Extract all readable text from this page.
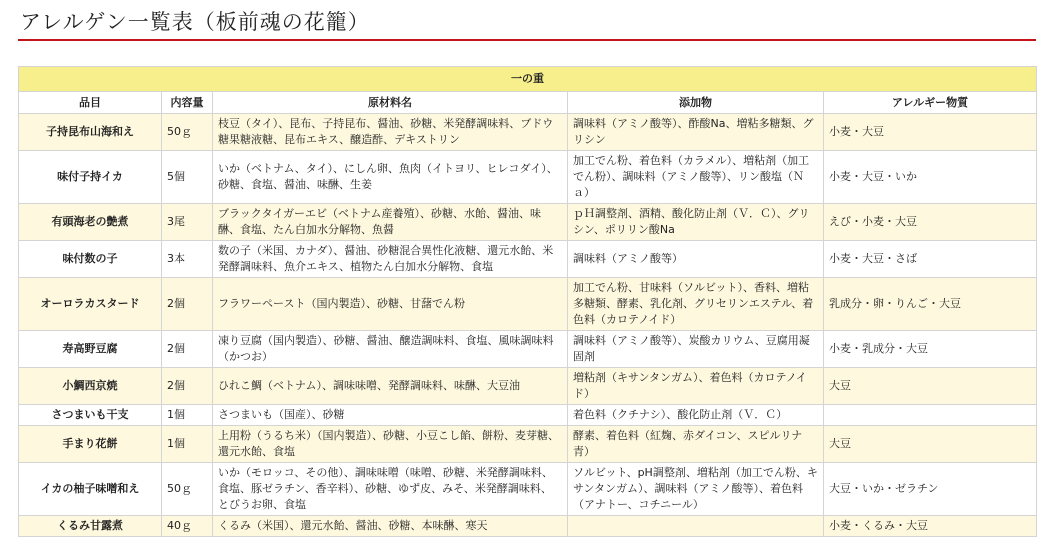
アレルゲン一覧表（板前魂の花籠）
一の重				
品目	内容量	原材料名	添加物	アレルギー物質
子持昆布山海和え	50ｇ	枝豆（タイ）、昆布、子持昆布、醤油、砂糖、米発酵調味料、ブドウ糖果糖液糖、昆布エキス、醸造酢、デキストリン	調味料（アミノ酸等）、酢酸Na、増粘多糖類、グリシン	小麦・大豆
味付子持イカ	5個	いか（ベトナム、タイ）、にしん卵、魚肉（イトヨリ、ヒレコダイ）、砂糖、食塩、醤油、味醂、生姜	加工でん粉、着色料（カラメル）、増粘剤（加工でん粉）、調味料（アミノ酸等）、リン酸塩（Ｎａ）	小麦・大豆・いか
有頭海老の艶煮	3尾	ブラックタイガーエビ（ベトナム産養殖）、砂糖、水飴、醤油、味醂、食塩、たん白加水分解物、魚醤	ｐＨ調整剤、酒精、酸化防止剤（Ｖ．Ｃ）、グリシン、ポリリン酸Na	えび・小麦・大豆
味付数の子	3本	数の子（米国、カナダ）、醤油、砂糖混合異性化液糖、還元水飴、米発酵調味料、魚介エキス、植物たん白加水分解物、食塩	調味料（アミノ酸等）	小麦・大豆・さば
オーロラカスタード	2個	フラワーペースト（国内製造）、砂糖、甘藷でん粉	加工でん粉、甘味料（ソルビット）、香料、増粘多糖類、酵素、乳化剤、グリセリンエステル、着色料（カロテノイド）	乳成分・卵・りんご・大豆
寿高野豆腐	2個	凍り豆腐（国内製造）、砂糖、醤油、醸造調味料、食塩、風味調味料（かつお）	調味料（アミノ酸等）、炭酸カリウム、豆腐用凝固剤	小麦・乳成分・大豆
小鯛西京焼	2個	ひれこ鯛（ベトナム）、調味味噌、発酵調味料、味醂、大豆油	増粘剤（キサンタンガム）、着色料（カロテノイド）	大豆
さつまいも干支	1個	さつまいも（国産）、砂糖	着色料（クチナシ）、酸化防止剤（Ｖ．Ｃ）	
手まり花餅	1個	上用粉（うるち米）（国内製造）、砂糖、小豆こし餡、餅粉、麦芽糖、還元水飴、食塩	酵素、着色料（紅麹、赤ダイコン、スピルリナ青）	大豆
イカの柚子味噌和え	50ｇ	いか（モロッコ、その他）、調味味噌（味噌、砂糖、米発酵調味料、食塩、豚ゼラチン、香辛料）、砂糖、ゆず皮、みそ、米発酵調味料、とびうお卵、食塩	ソルビット、pH調整剤、増粘剤（加工でん粉、キサンタンガム）、調味料（アミノ酸等）、着色料（アナトー、コチニール）	大豆・いか・ゼラチン
くるみ甘露煮	40ｇ	くるみ（米国）、還元水飴、醤油、砂糖、本味醂、寒天		小麦・くるみ・大豆
